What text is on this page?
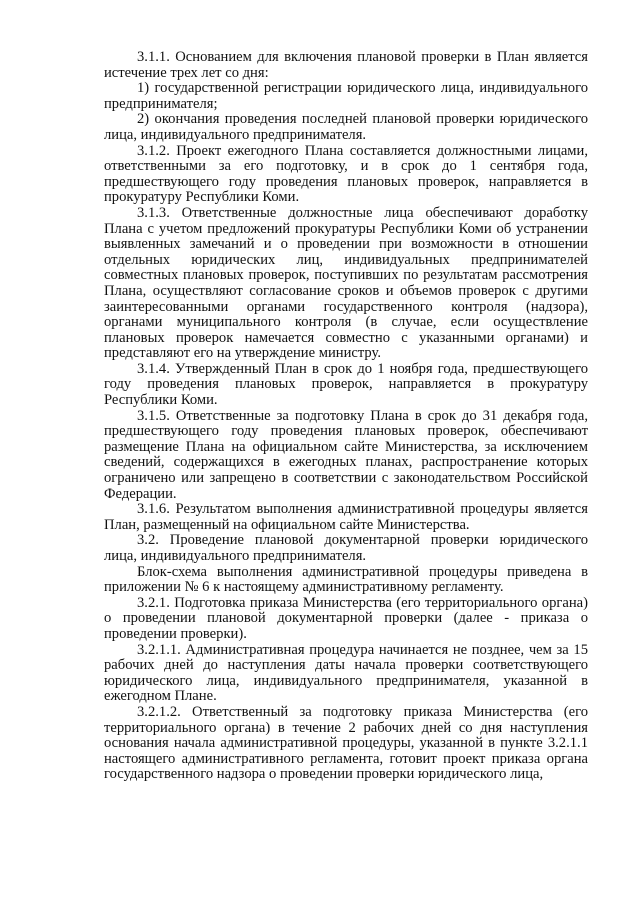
3.1.1. Основанием для включения плановой проверки в План является истечение трех лет со дня:

1) государственной регистрации юридического лица, индивидуального предпринимателя;

2) окончания проведения последней плановой проверки юридического лица, индивидуального предпринимателя.

3.1.2. Проект ежегодного Плана составляется должностными лицами, ответственными за его подготовку, и в срок до 1 сентября года, предшествующего году проведения плановых проверок, направляется в прокуратуру Республики Коми.

3.1.3. Ответственные должностные лица обеспечивают доработку Плана с учетом предложений прокуратуры Республики Коми об устранении выявленных замечаний и о проведении при возможности в отношении отдельных юридических лиц, индивидуальных предпринимателей совместных плановых проверок, поступивших по результатам рассмотрения Плана, осуществляют согласование сроков и объемов проверок с другими заинтересованными органами государственного контроля (надзора), органами муниципального контроля (в случае, если осуществление плановых проверок намечается совместно с указанными органами) и представляют его на утверждение министру.

3.1.4. Утвержденный План в срок до 1 ноября года, предшествующего году проведения плановых проверок, направляется в прокуратуру Республики Коми.

3.1.5. Ответственные за подготовку Плана в срок до 31 декабря года, предшествующего году проведения плановых проверок, обеспечивают размещение Плана на официальном сайте Министерства, за исключением сведений, содержащихся в ежегодных планах, распространение которых ограничено или запрещено в соответствии с законодательством Российской Федерации.

3.1.6. Результатом выполнения административной процедуры является План, размещенный на официальном сайте Министерства.

3.2. Проведение плановой документарной проверки юридического лица, индивидуального предпринимателя.

Блок-схема выполнения административной процедуры приведена в приложении № 6 к настоящему административному регламенту.

3.2.1. Подготовка приказа Министерства (его территориального органа) о проведении плановой документарной проверки (далее - приказа о проведении проверки).

3.2.1.1. Административная процедура начинается не позднее, чем за 15 рабочих дней до наступления даты начала проверки соответствующего юридического лица, индивидуального предпринимателя, указанной в ежегодном Плане.

3.2.1.2. Ответственный за подготовку приказа Министерства (его территориального органа) в течение 2 рабочих дней со дня наступления основания начала административной процедуры, указанной в пункте 3.2.1.1 настоящего административного регламента, готовит проект приказа органа государственного надзора о проведении проверки юридического лица,
